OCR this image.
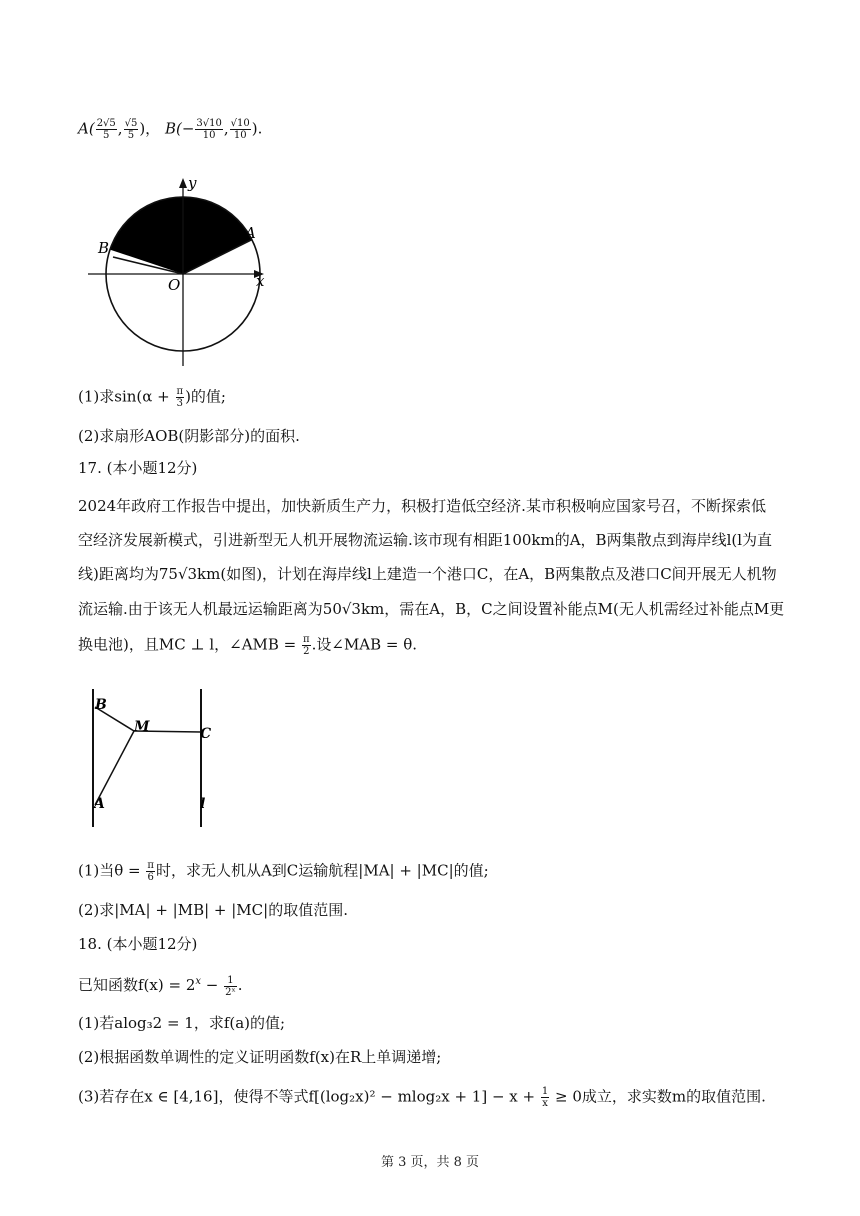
$A( \frac{2√5}{5}$ , $\frac{√5}{5}$ )， $B(- \frac{3√10}{10}$ , $\frac{√10}{10}$ ).
y
x
O
A
B
(1)求$\sin(\alpha + \frac{\pi}{3}$ )的值;
(2)求扇形AOB(阴影部分)的面积.
17. (本小题12分)
2024年政府工作报告中提出，加快新质生产力，积极打造低空经济.某市积极响应国家号召，不断探索低
空经济发展新模式，引进新型无人机开展物流运输.该市现有相距100km的A，B两集散点到海岸线l(l为直
线)距离均为75√3km(如图)，计划在海岸线l上建造一个港口C，在A，B两集散点及港口C间开展无人机物
流运输.由于该无人机最远运输距离为50√3km，需在A，B，C之间设置补能点M(无人机需经过补能点M更
换电池)，且MC ⊥ l，∠AMB = $\frac{\pi}{2}$ .设∠MAB = θ.
B
M	C
A	l
(1)当$\theta = \frac{\pi}{6}$ 时，求无人机从A到C运输航程|MA| + |MC|的值;
(2)求|MA| + |MB| + |MC|的取值范围.
18. (本小题12分)
已知函数$f(x) = 2^x - \frac{1}{\text{2ˣ}}$ .
(1)若alog₃2 = 1，求f(a)的值;
(2)根据函数单调性的定义证明函数f(x)在R上单调递增;
(3)若存在x ∈ [4,16]，使得不等式$f[(\log_2x)^2 - mlog_2x + 1] - x + \frac{1}{x} \ge 0$成立，求实数m的取值范围.
第 3 页，共 8 页
